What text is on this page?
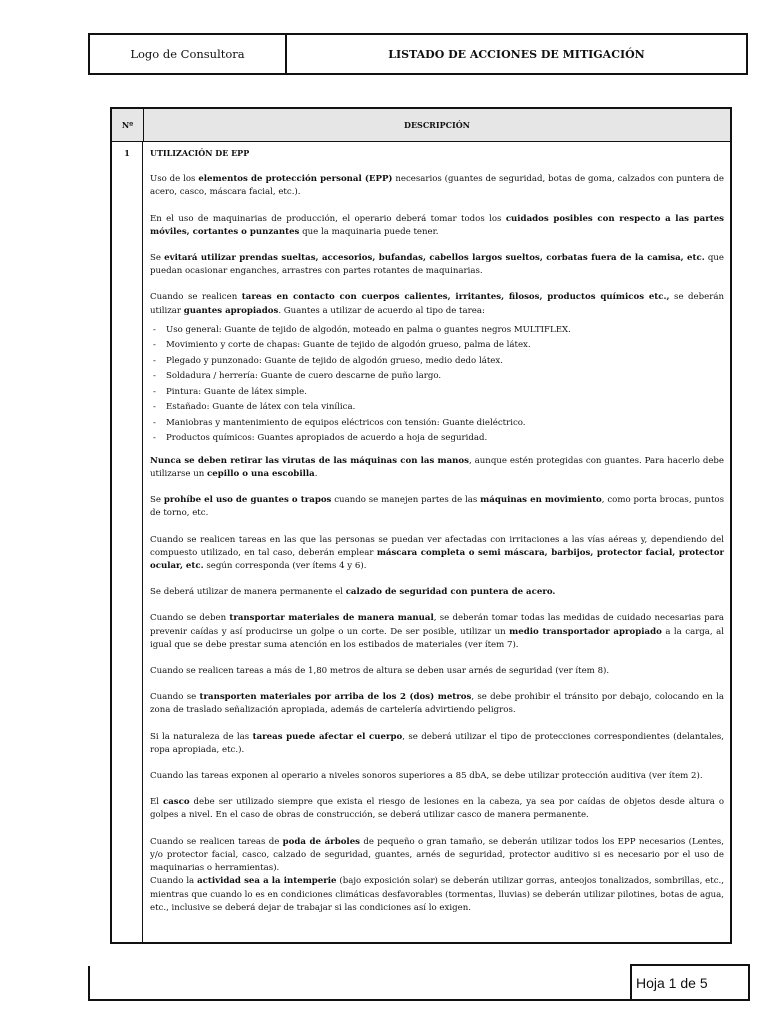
Logo de Consultora	LISTADO DE ACCIONES DE MITIGACIÓN
Nº	DESCRIPCIÓN
1	UTILIZACIÓN DE EPP

Uso de los elementos de protección personal (EPP) necesarios (guantes de seguridad, botas de goma, calzados con puntera de acero, casco, máscara facial, etc.).

En el uso de maquinarias de producción, el operario deberá tomar todos los cuidados posibles con respecto a las partes móviles, cortantes o punzantes que la maquinaria puede tener.

Se evitará utilizar prendas sueltas, accesorios, bufandas, cabellos largos sueltos, corbatas fuera de la camisa, etc. que puedan ocasionar enganches, arrastres con partes rotantes de maquinarias.

Cuando se realicen tareas en contacto con cuerpos calientes, irritantes, filosos, productos químicos etc., se deberán utilizar guantes apropiados. Guantes a utilizar de acuerdo al tipo de tarea:

- Uso general: Guante de tejido de algodón, moteado en palma o guantes negros MULTIFLEX.
- Movimiento y corte de chapas: Guante de tejido de algodón grueso, palma de látex.
- Plegado y punzonado: Guante de tejido de algodón grueso, medio dedo látex.
- Soldadura / herrería: Guante de cuero descarne de puño largo.
- Pintura: Guante de látex simple.
- Estañado: Guante de látex con tela vinílica.
- Maniobras y mantenimiento de equipos eléctricos con tensión: Guante dieléctrico.
- Productos químicos: Guantes apropiados de acuerdo a hoja de seguridad.

Nunca se deben retirar las virutas de las máquinas con las manos, aunque estén protegidas con guantes. Para hacerlo debe utilizarse un cepillo o una escobilla.

Se prohíbe el uso de guantes o trapos cuando se manejen partes de las máquinas en movimiento, como porta brocas, puntos de torno, etc.

Cuando se realicen tareas en las que las personas se puedan ver afectadas con irritaciones a las vías aéreas y, dependiendo del compuesto utilizado, en tal caso, deberán emplear máscara completa o semi máscara, barbijos, protector facial, protector ocular, etc. según corresponda (ver ítems 4 y 6).

Se deberá utilizar de manera permanente el calzado de seguridad con puntera de acero.

Cuando se deben transportar materiales de manera manual, se deberán tomar todas las medidas de cuidado necesarias para prevenir caídas y así producirse un golpe o un corte. De ser posible, utilizar un medio transportador apropiado a la carga, al igual que se debe prestar suma atención en los estibados de materiales (ver ítem 7).

Cuando se realicen tareas a más de 1,80 metros de altura se deben usar arnés de seguridad (ver ítem 8).

Cuando se transporten materiales por arriba de los 2 (dos) metros, se debe prohibir el tránsito por debajo, colocando en la zona de traslado señalización apropiada, además de cartelería advirtiendo peligros.

Si la naturaleza de las tareas puede afectar el cuerpo, se deberá utilizar el tipo de protecciones correspondientes (delantales, ropa apropiada, etc.).

Cuando las tareas exponen al operario a niveles sonoros superiores a 85 dbA, se debe utilizar protección auditiva (ver ítem 2).

El casco debe ser utilizado siempre que exista el riesgo de lesiones en la cabeza, ya sea por caídas de objetos desde altura o golpes a nivel. En el caso de obras de construcción, se deberá utilizar casco de manera permanente.

Cuando se realicen tareas de poda de árboles de pequeño o gran tamaño, se deberán utilizar todos los EPP necesarios (Lentes, y/o protector facial, casco, calzado de seguridad, guantes, arnés de seguridad, protector auditivo si es necesario por el uso de maquinarias o herramientas).

Cuando la actividad sea a la intemperie (bajo exposición solar) se deberán utilizar gorras, anteojos tonalizados, sombrillas, etc., mientras que cuando lo es en condiciones climáticas desfavorables (tormentas, lluvias) se deberán utilizar pilotines, botas de agua, etc., inclusive se deberá dejar de trabajar si las condiciones así lo exigen.

Hoja 1 de 5
